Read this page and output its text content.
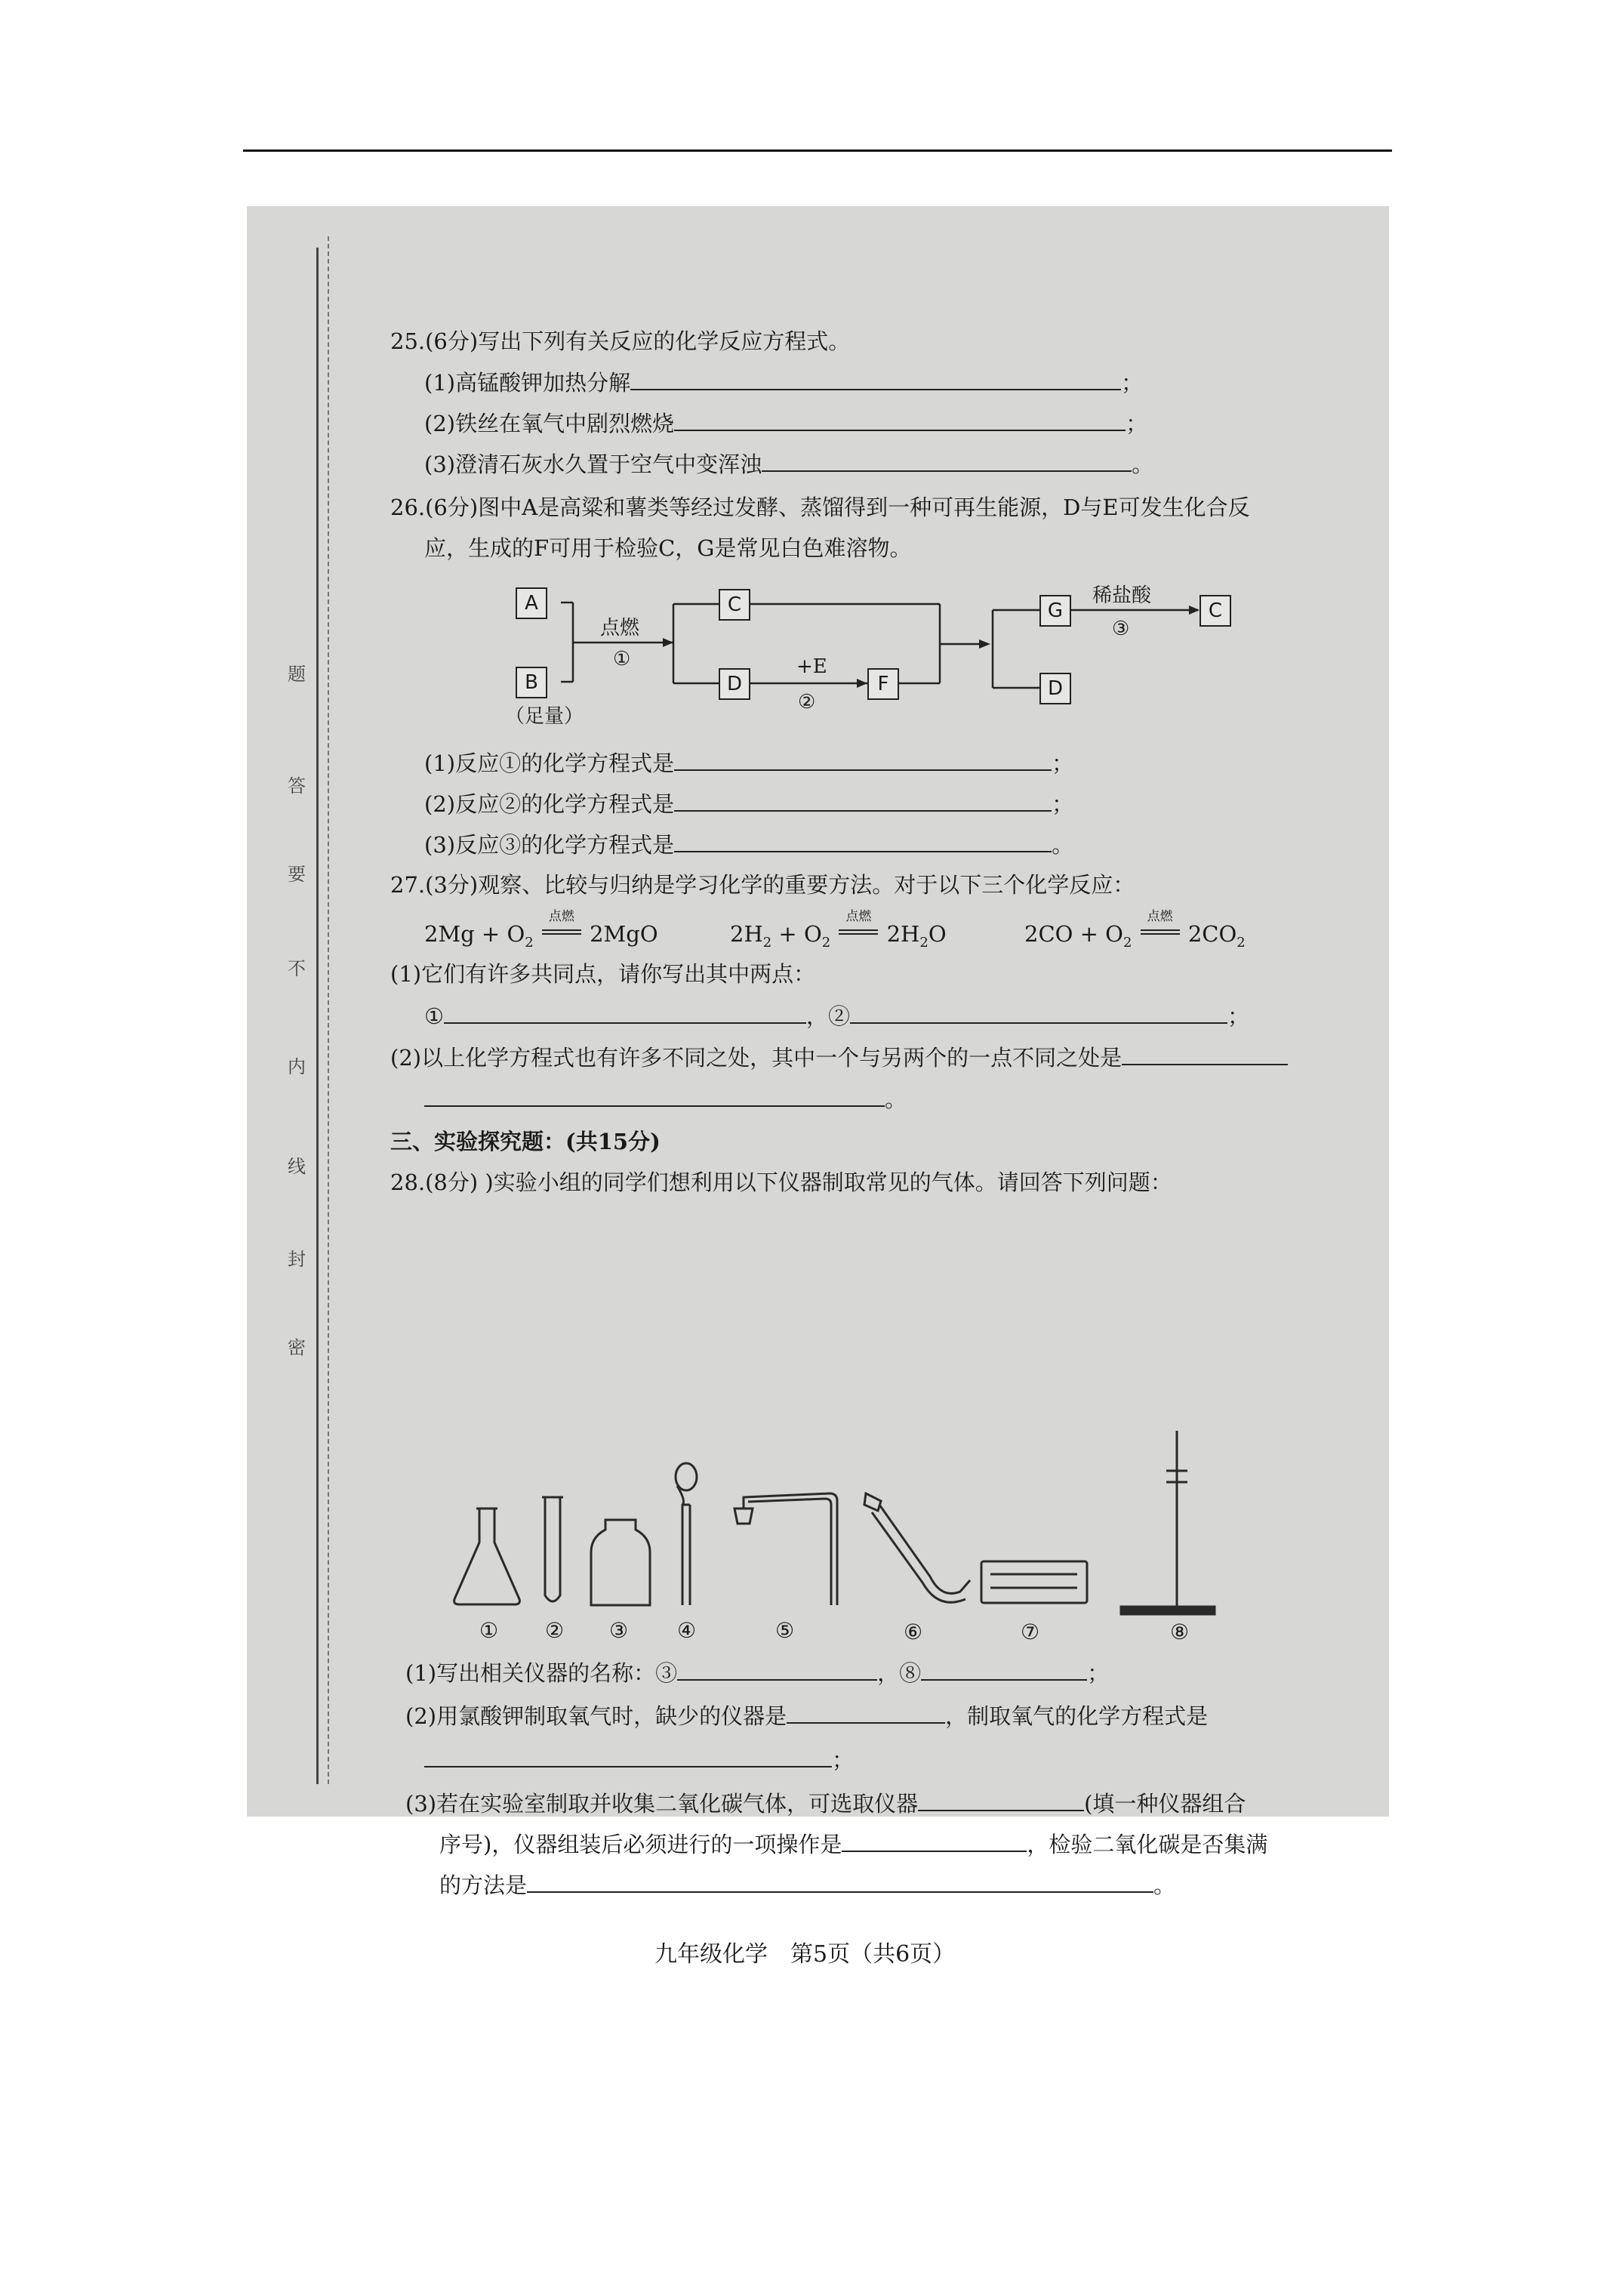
题
答
要
不
内
线
封
密
25.(6分)写出下列有关反应的化学反应方程式。
(1)高锰酸钾加热分解	；
(2)铁丝在氧气中剧烈燃烧	；
(3)澄清石灰水久置于空气中变浑浊	。
26.(6分)图中A是高粱和薯类等经过发酵、蒸馏得到一种可再生能源，D与E可发生化合反
应，生成的F可用于检验C，G是常见白色难溶物。
A
B
（足量）
点燃
①
C
D
+E
②
F
G
D
稀盐酸
③
C
(1)反应①的化学方程式是	；
(2)反应②的化学方程式是	；
(3)反应③的化学方程式是	。
27.(3分)观察、比较与归纳是学习化学的重要方法。对于以下三个化学反应：
$2Mg + O_2$
点燃
2MgO	$2H_2 + O_2$
点燃
$2H_2O$	$2CO + O_2$
点燃
$2CO_2$
(1)它们有许多共同点，请你写出其中两点：
①	，②	；
(2)以上化学方程式也有许多不同之处，其中一个与另两个的一点不同之处是
。
三、实验探究题：(共15分)
28.(8分) )实验小组的同学们想利用以下仪器制取常见的气体。请回答下列问题：
① ② ③ ④	⑤	⑥	⑦	⑧
(1)写出相关仪器的名称：③	，⑧	；
(2)用氯酸钾制取氧气时，缺少的仪器是	，制取氧气的化学方程式是
；
(3)若在实验室制取并收集二氧化碳气体，可选取仪器	(填一种仪器组合
序号)，仪器组装后必须进行的一项操作是	，检验二氧化碳是否集满
的方法是	。
九年级化学　第5页（共6页）
